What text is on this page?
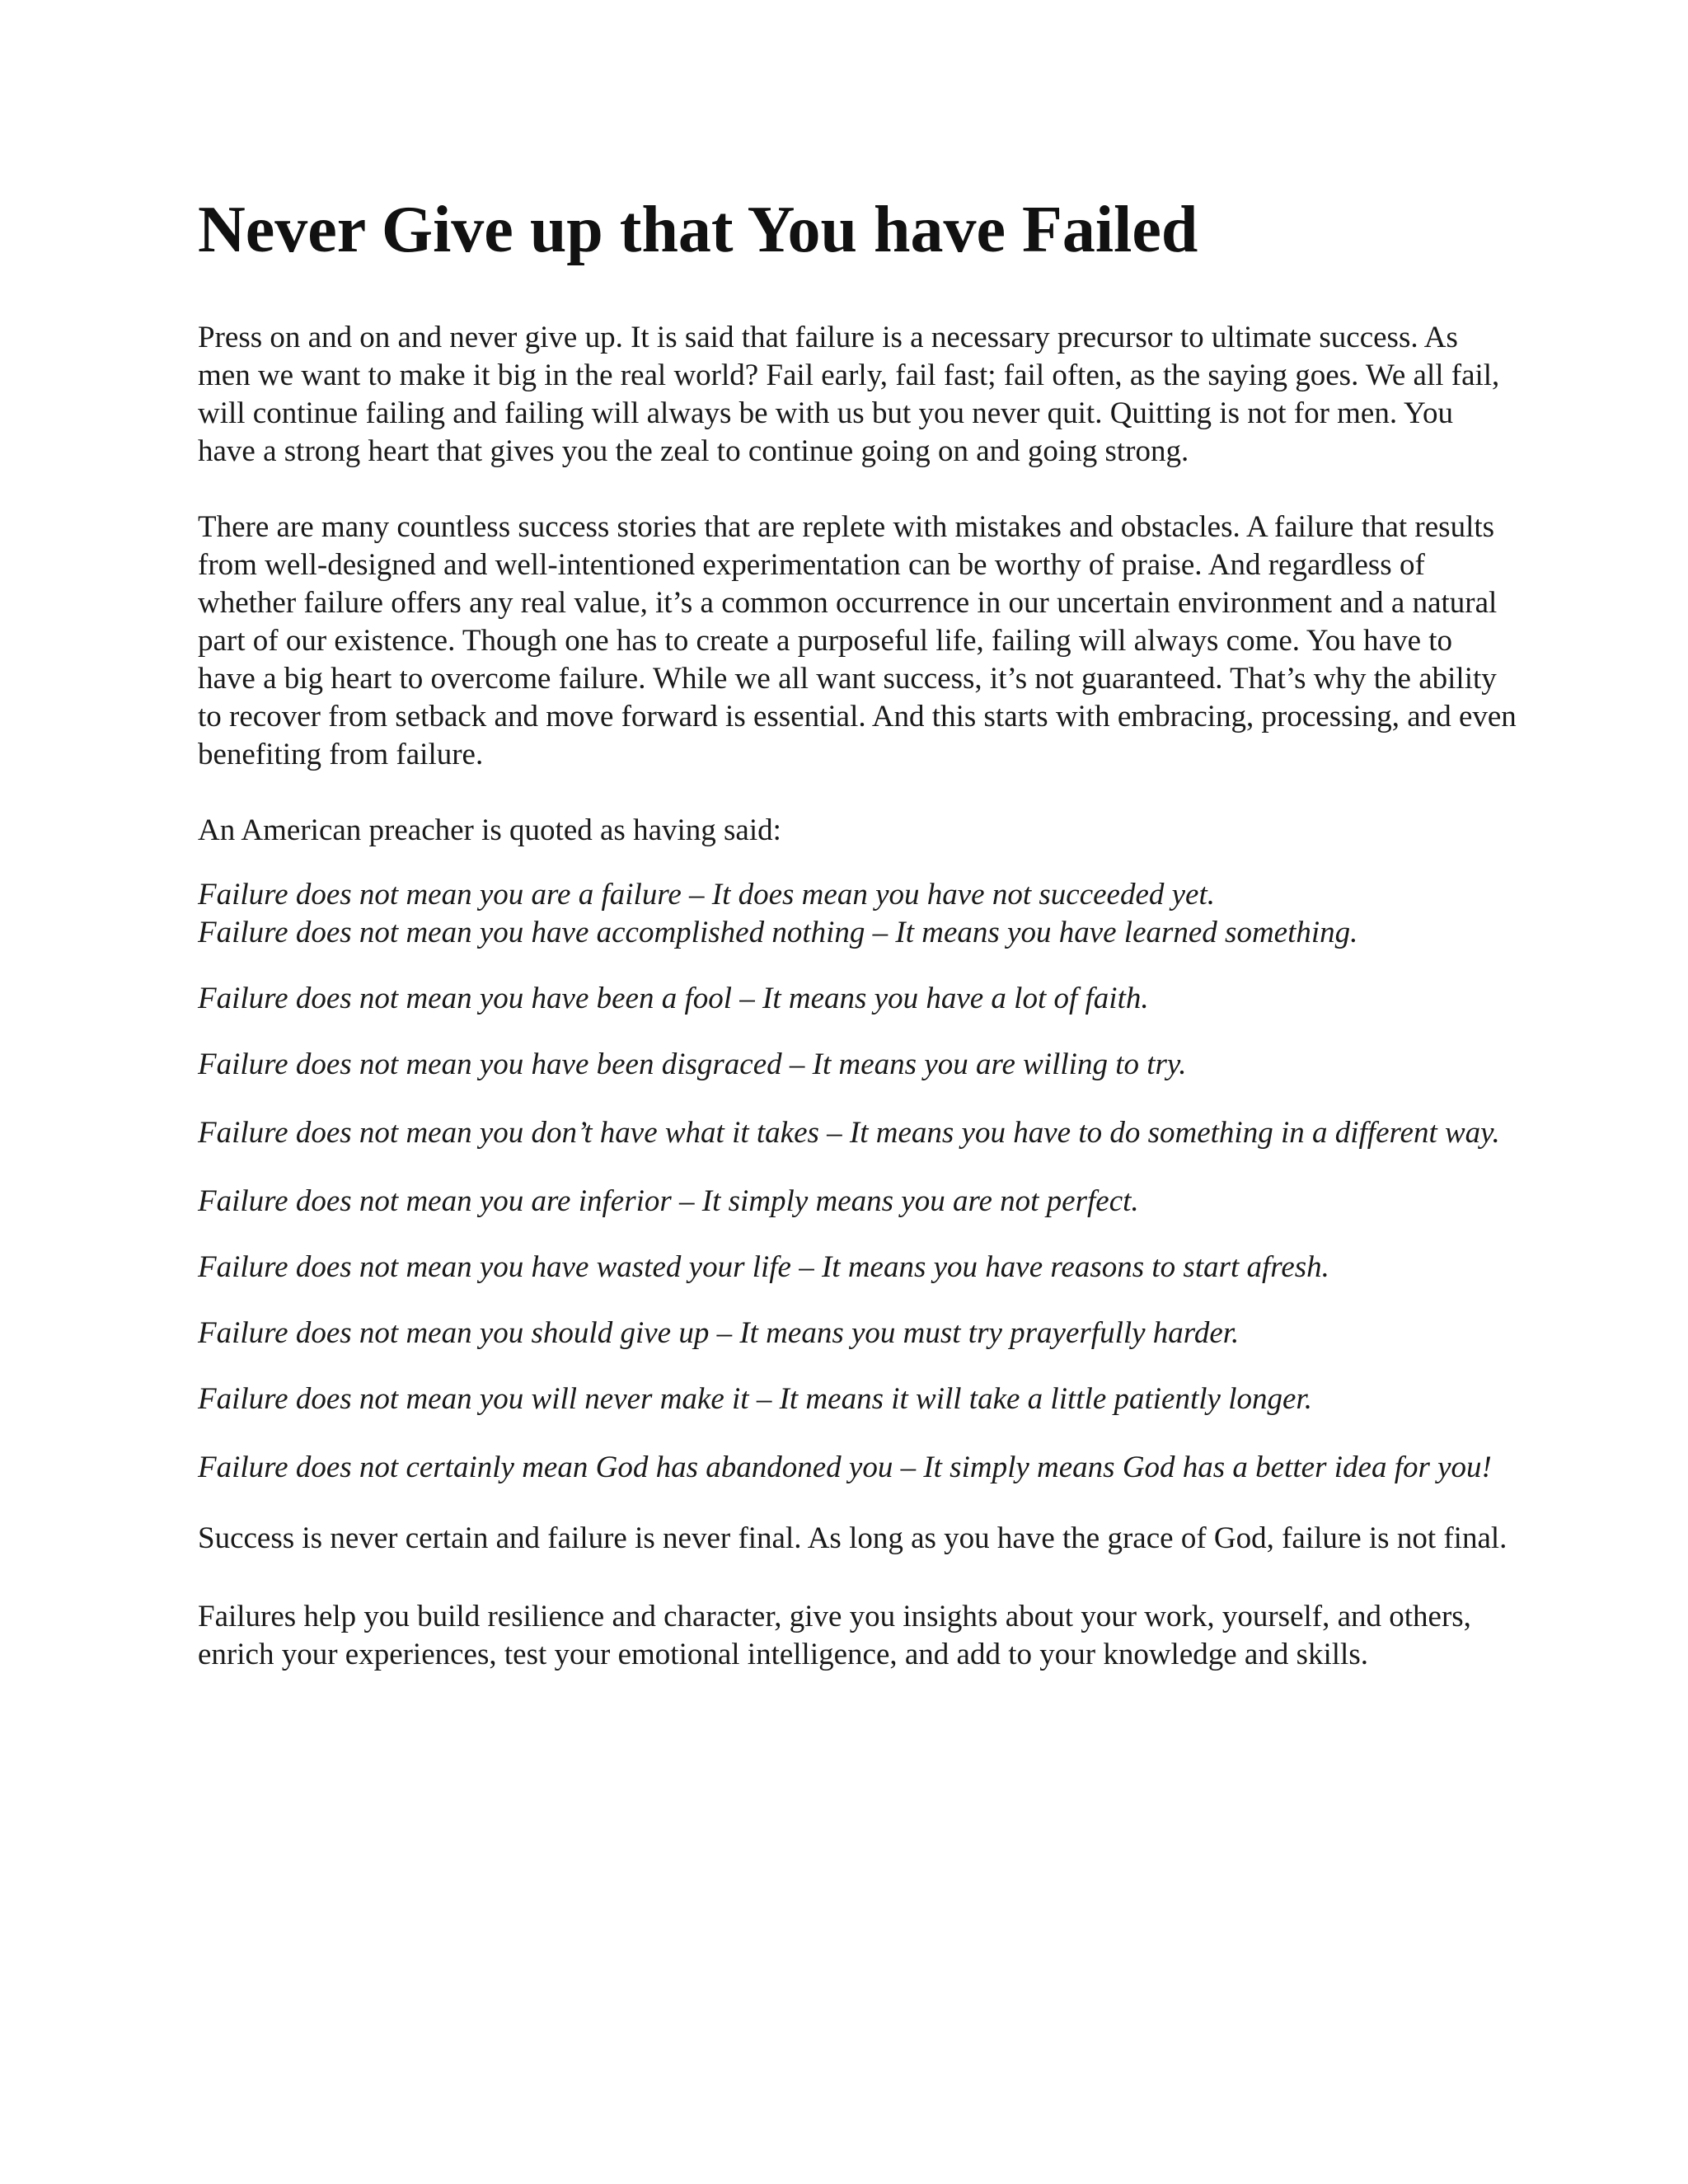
Never Give up that You have Failed

Press on and on and never give up. It is said that failure is a necessary precursor to ultimate success. As men we want to make it big in the real world? Fail early, fail fast; fail often, as the saying goes. We all fail, will continue failing and failing will always be with us but you never quit. Quitting is not for men. You have a strong heart that gives you the zeal to continue going on and going strong.

There are many countless success stories that are replete with mistakes and obstacles. A failure that results from well-designed and well-intentioned experimentation can be worthy of praise. And regardless of whether failure offers any real value, it’s a common occurrence in our uncertain environment and a natural part of our existence. Though one has to create a purposeful life, failing will always come. You have to have a big heart to overcome failure. While we all want success, it’s not guaranteed. That’s why the ability to recover from setback and move forward is essential. And this starts with embracing, processing, and even benefiting from failure.

An American preacher is quoted as having said:

Failure does not mean you are a failure – It does mean you have not succeeded yet.

Failure does not mean you have accomplished nothing – It means you have learned something.

Failure does not mean you have been a fool – It means you have a lot of faith.

Failure does not mean you have been disgraced – It means you are willing to try.

Failure does not mean you don’t have what it takes – It means you have to do something in a different way.

Failure does not mean you are inferior – It simply means you are not perfect.

Failure does not mean you have wasted your life – It means you have reasons to start afresh.

Failure does not mean you should give up – It means you must try prayerfully harder.

Failure does not mean you will never make it – It means it will take a little patiently longer.

Failure does not certainly mean God has abandoned you – It simply means God has a better idea for you!

Success is never certain and failure is never final. As long as you have the grace of God, failure is not final.

Failures help you build resilience and character, give you insights about your work, yourself, and others, enrich your experiences, test your emotional intelligence, and add to your knowledge and skills.
